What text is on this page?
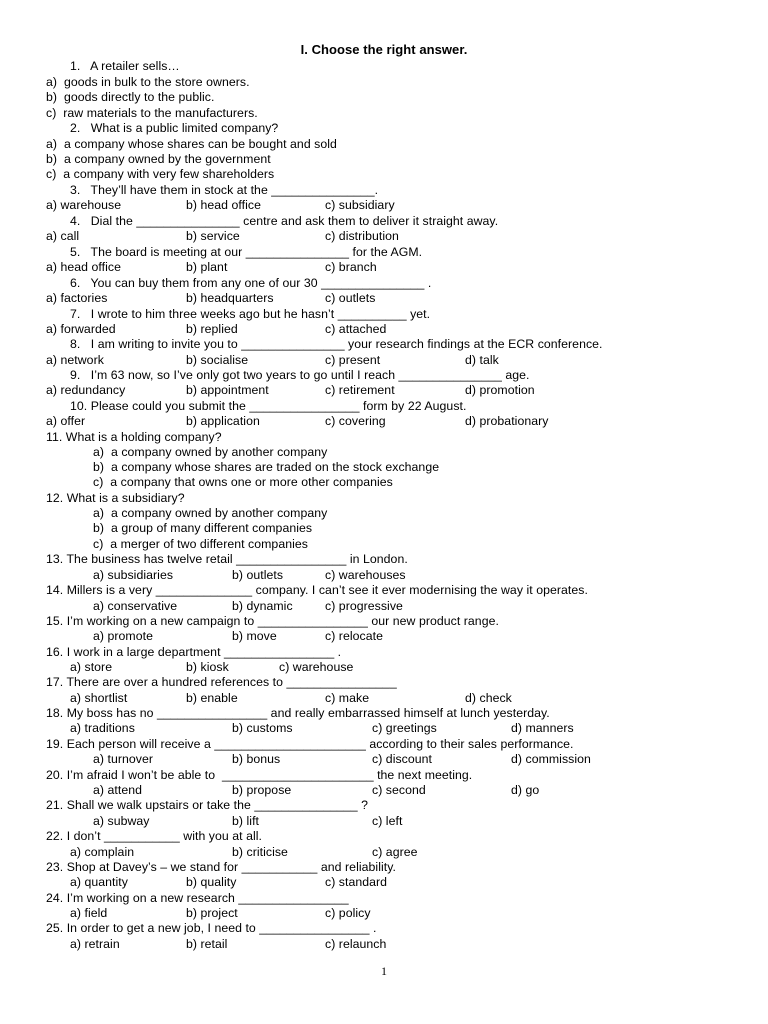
I. Choose the right answer.
1.   A retailer sells…
a)  goods in bulk to the store owners.
b)  goods directly to the public.
c)  raw materials to the manufacturers.
2.   What is a public limited company?
a)  a company whose shares can be bought and sold
b)  a company owned by the government
c)  a company with very few shareholders
3.   They’ll have them in stock at the _______________.
a) warehouse	b) head office	c) subsidiary
4.   Dial the _______________ centre and ask them to deliver it straight away.
a) call	b) service	c) distribution
5.   The board is meeting at our _______________ for the AGM.
a) head office	b) plant	c) branch
6.   You can buy them from any one of our 30 _______________ .
a) factories	b) headquarters	c) outlets
7.   I wrote to him three weeks ago but he hasn’t __________ yet.
a) forwarded	b) replied	c) attached
8.   I am writing to invite you to _______________ your research findings at the ECR conference.
a) network	b) socialise	c) present	d) talk
9.   I’m 63 now, so I’ve only got two years to go until I reach _______________ age.
a) redundancy	b) appointment	c) retirement	d) promotion
10. Please could you submit the ________________ form by 22 August.
a) offer	b) application	c) covering	d) probationary
11. What is a holding company?
a)  a company owned by another company
b)  a company whose shares are traded on the stock exchange
c)  a company that owns one or more other companies
12. What is a subsidiary?
a)  a company owned by another company
b)  a group of many different companies
c)  a merger of two different companies
13. The business has twelve retail ________________ in London.
a) subsidiaries	b) outlets	c) warehouses
14. Millers is a very ______________ company. I can’t see it ever modernising the way it operates.
a) conservative	b) dynamic	c) progressive
15. I’m working on a new campaign to ________________ our new product range.
a) promote	b) move	c) relocate
16. I work in a large department ________________ .
a) store	b) kiosk	c) warehouse
17. There are over a hundred references to ________________
a) shortlist	b) enable	c) make	d) check
18. My boss has no ________________ and really embarrassed himself at lunch yesterday.
a) traditions	b) customs	c) greetings	d) manners
19. Each person will receive a ______________________ according to their sales performance.
a) turnover	b) bonus	c) discount	d) commission
20. I’m afraid I won’t be able to  ______________________ the next meeting.
a) attend	b) propose	c) second	d) go
21. Shall we walk upstairs or take the _______________ ?
a) subway	b) lift	c) left
22. I don’t ___________ with you at all.
a) complain	b) criticise	c) agree
23. Shop at Davey’s – we stand for ___________ and reliability.
a) quantity	b) quality	c) standard
24. I’m working on a new research ________________
a) field	b) project	c) policy
25. In order to get a new job, I need to ________________ .
a) retrain	b) retail	c) relaunch
1
